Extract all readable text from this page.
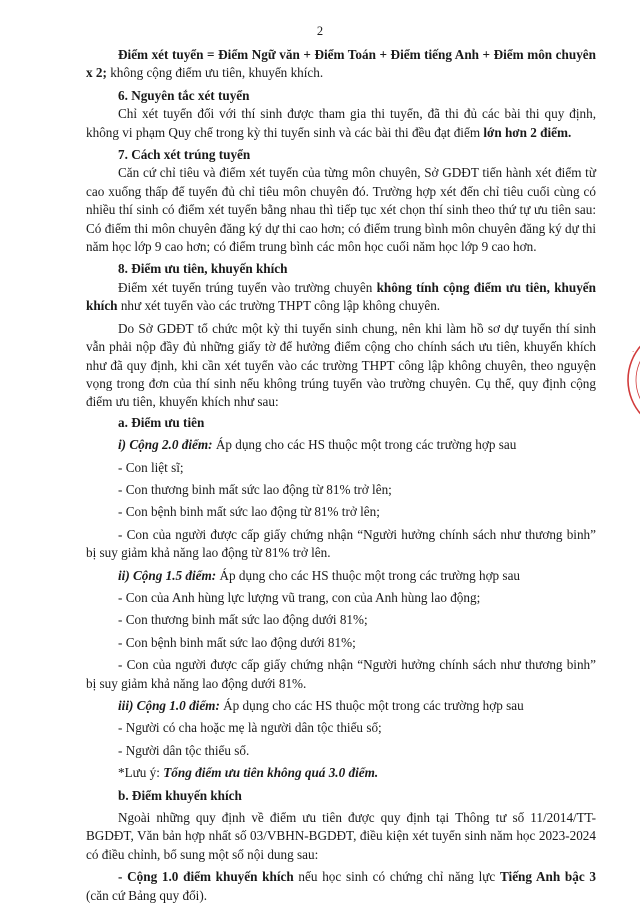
2
·

Điểm xét tuyển = Điểm Ngữ văn + Điểm Toán + Điểm tiếng Anh + Điểm môn chuyên x 2; không cộng điểm ưu tiên, khuyến khích.

6. Nguyên tắc xét tuyển

Chỉ xét tuyển đối với thí sinh được tham gia thi tuyển, đã thi đủ các bài thi quy định, không vi phạm Quy chế trong kỳ thi tuyển sinh và các bài thi đều đạt điểm lớn hơn 2 điểm.

7. Cách xét trúng tuyển

Căn cứ chỉ tiêu và điểm xét tuyển của từng môn chuyên, Sở GDĐT tiến hành xét điểm từ cao xuống thấp để tuyển đủ chỉ tiêu môn chuyên đó. Trường hợp xét đến chỉ tiêu cuối cùng có nhiều thí sinh có điểm xét tuyển bằng nhau thì tiếp tục xét chọn thí sinh theo thứ tự ưu tiên sau: Có điểm thi môn chuyên đăng ký dự thi cao hơn; có điểm trung bình môn chuyên đăng ký dự thi năm học lớp 9 cao hơn; có điểm trung bình các môn học cuối năm học lớp 9 cao hơn.

8. Điểm ưu tiên, khuyến khích

Điểm xét tuyển trúng tuyển vào trường chuyên không tính cộng điểm ưu tiên, khuyến khích như xét tuyển vào các trường THPT công lập không chuyên.

Do Sở GDĐT tổ chức một kỳ thi tuyển sinh chung, nên khi làm hồ sơ dự tuyển thí sinh vẫn phải nộp đầy đủ những giấy tờ để hưởng điểm cộng cho chính sách ưu tiên, khuyến khích như đã quy định, khi cần xét tuyển vào các trường THPT công lập không chuyên, theo nguyện vọng trong đơn của thí sinh nếu không trúng tuyển vào trường chuyên. Cụ thể, quy định cộng điểm ưu tiên, khuyến khích như sau:

a. Điểm ưu tiên

i) Cộng 2.0 điểm: Áp dụng cho các HS thuộc một trong các trường hợp sau

- Con liệt sĩ;

- Con thương binh mất sức lao động từ 81% trở lên;

- Con bệnh binh mất sức lao động từ 81% trở lên;

- Con của người được cấp giấy chứng nhận “Người hưởng chính sách như thương binh” bị suy giảm khả năng lao động từ 81% trở lên.

ii) Cộng 1.5 điểm: Áp dụng cho các HS thuộc một trong các trường hợp sau

- Con của Anh hùng lực lượng vũ trang, con của Anh hùng lao động;

- Con thương binh mất sức lao động dưới 81%;

- Con bệnh binh mất sức lao động dưới 81%;

- Con của người được cấp giấy chứng nhận “Người hưởng chính sách như thương binh” bị suy giảm khả năng lao động dưới 81%.

iii) Cộng 1.0 điểm: Áp dụng cho các HS thuộc một trong các trường hợp sau

- Người có cha hoặc mẹ là người dân tộc thiểu số;

- Người dân tộc thiểu số.

*Lưu ý: Tổng điểm ưu tiên không quá 3.0 điểm.

b. Điểm khuyến khích

Ngoài những quy định về điểm ưu tiên được quy định tại Thông tư số 11/2014/TT-BGDĐT, Văn bản hợp nhất số 03/VBHN-BGDĐT, điều kiện xét tuyển sinh năm học 2023-2024 có điều chỉnh, bổ sung một số nội dung sau:

- Cộng 1.0 điểm khuyến khích nếu học sinh có chứng chỉ năng lực Tiếng Anh bậc 3 (căn cứ Bảng quy đổi).
